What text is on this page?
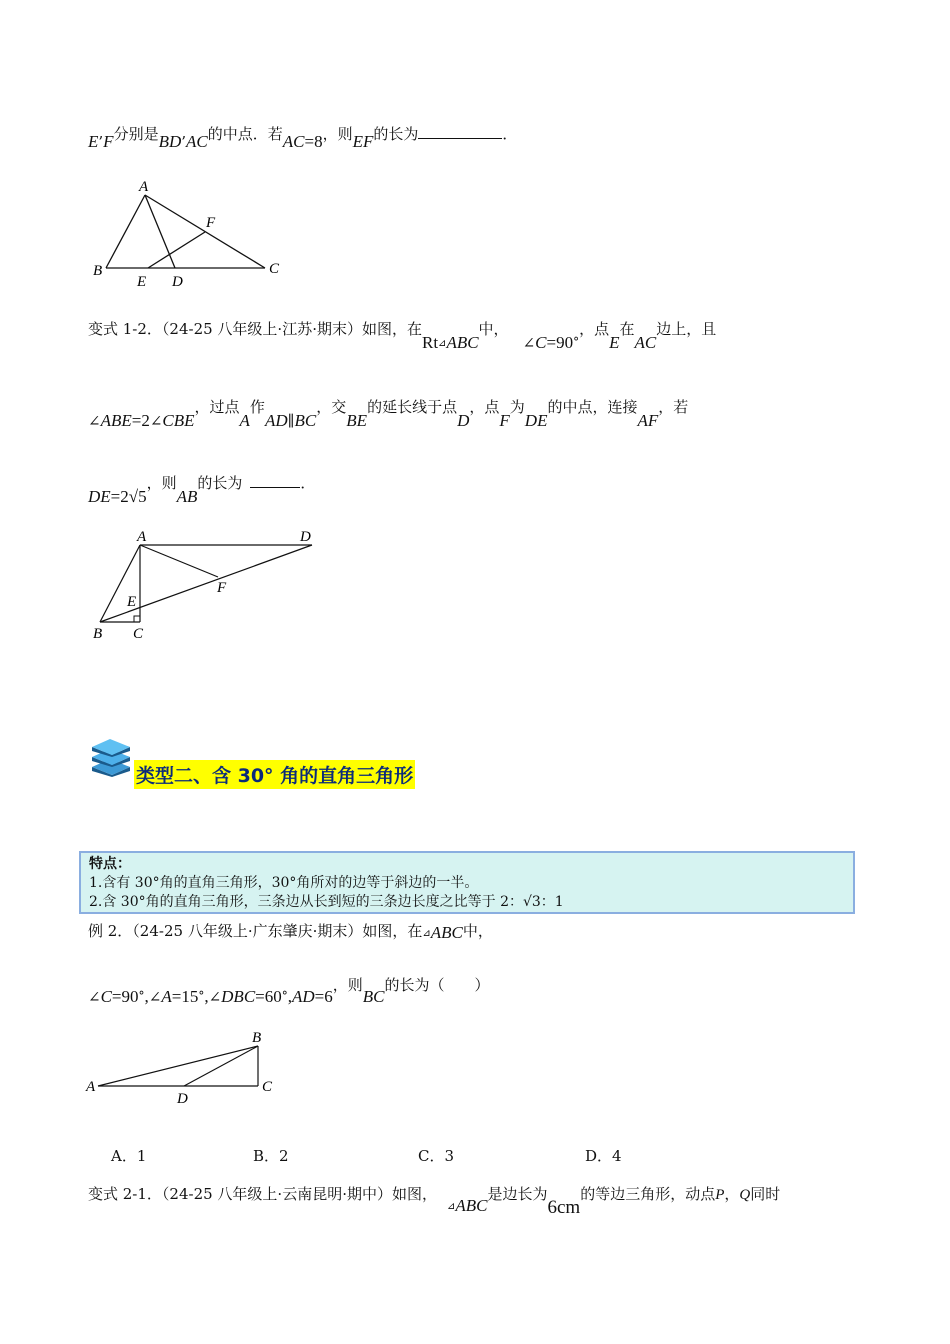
E’F分别是BD’AC的中点．若AC=8，则EF的长为	．
A
B	C
D
E
F
变式 1-2．（24-25 八年级上·江苏·期末）如图，在$Rt_⊿ABC$中，$\angle C=90^\circ$，点E在AC边上，且
∠ABE=2∠CBE，过点A作AD∥BC，交BE的延长线于点D，点F为DE的中点，连接AF，若
DE=2√5，则AB的长为	．
A	D
F
E
B C
类型二、含 30° 角的直角三角形
特点：
1.含有 30°角的直角三角形，30°角所对的边等于斜边的一半。
2.含 30°角的直角三角形，三条边从长到短的三条边长度之比等于 2：√3：1
例 2．（24-25 八年级上·广东肇庆·期末）如图，在⊿ABC中，
$\angle C=90^\circ,\angle A=15^\circ,\angle DBC=60^\circ,AD=6$，则BC的长为（　　）
A
B
C
D
A．1	B．2	C．3	D．4
变式 2-1．（24-25 八年级上·云南昆明·期中）如图，$_⊿$ABC是边长为6cm的等边三角形，动点P，Q同时
